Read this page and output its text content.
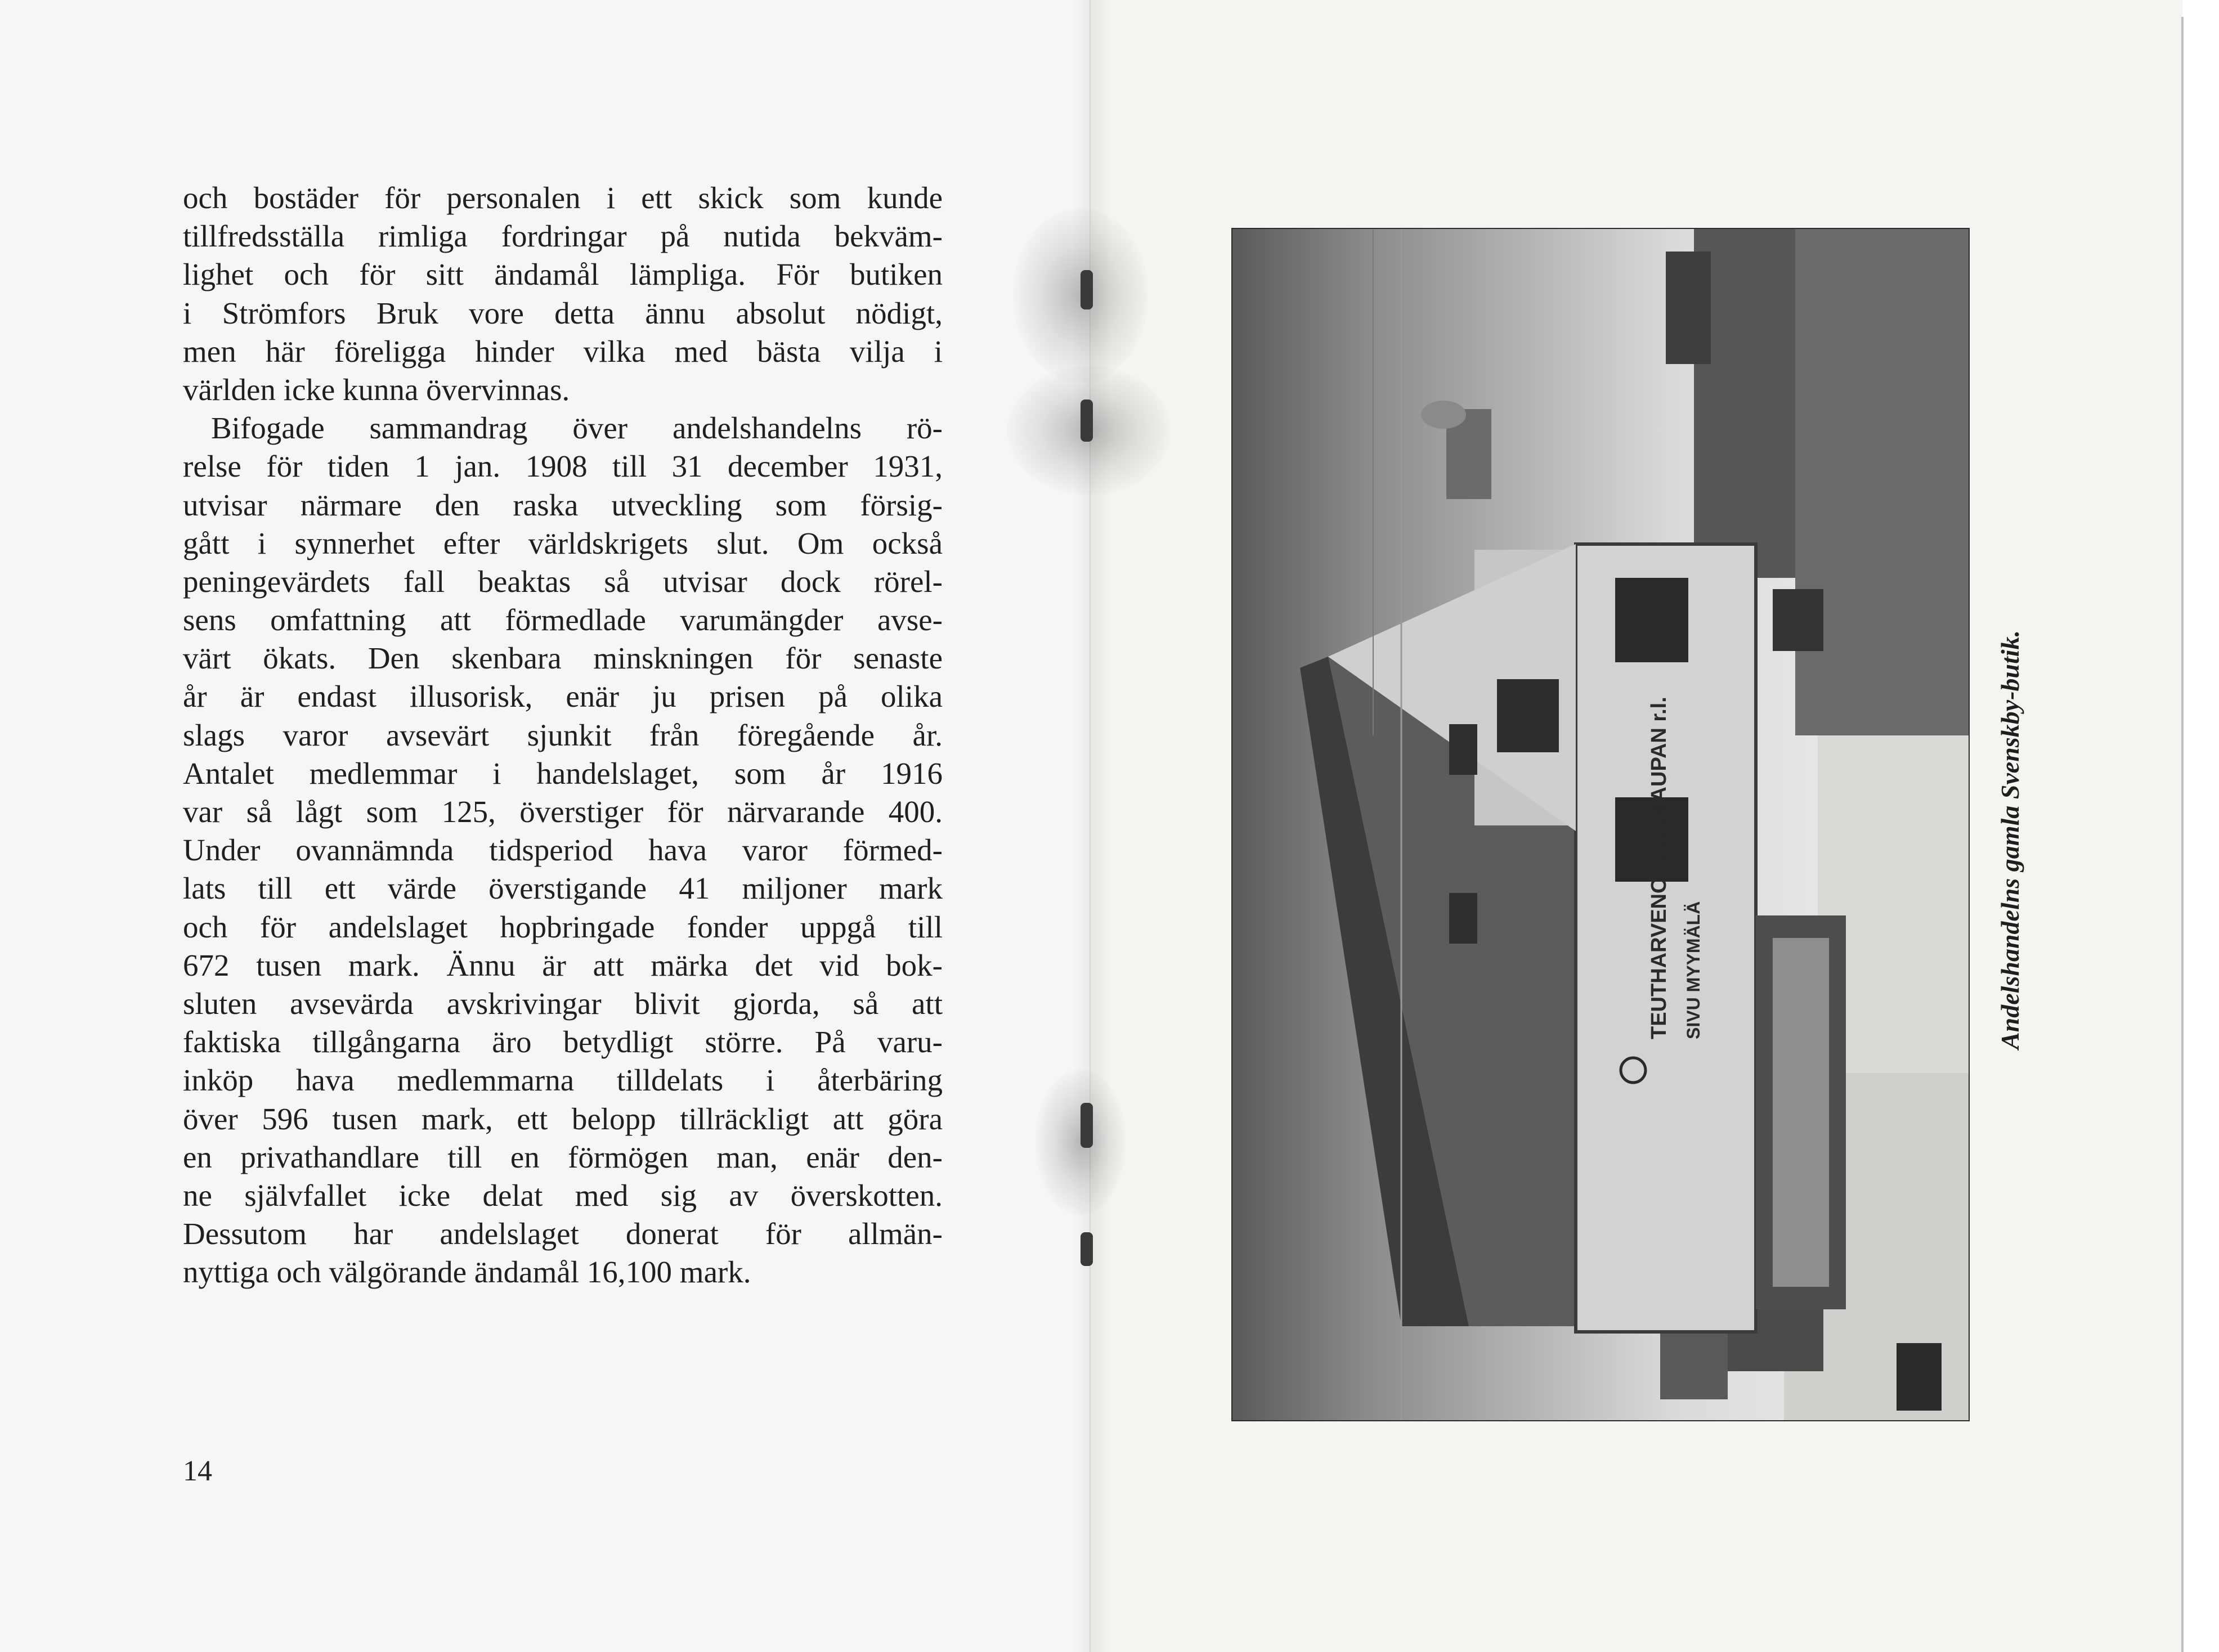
och bostäder för personalen i ett skick som kunde
tillfredsställa rimliga fordringar på nutida bekväm-
lighet och för sitt ändamål lämpliga. För butiken
i Strömfors Bruk vore detta ännu absolut nödigt,
men här föreligga hinder vilka med bästa vilja i
världen icke kunna övervinnas.
Bifogade sammandrag över andelshandelns rö-
relse för tiden 1 jan. 1908 till 31 december 1931,
utvisar närmare den raska utveckling som försig-
gått i synnerhet efter världskrigets slut. Om också
peningevärdets fall beaktas så utvisar dock rörel-
sens omfattning att förmedlade varumängder avse-
värt ökats. Den skenbara minskningen för senaste
år är endast illusorisk, enär ju prisen på olika
slags varor avsevärt sjunkit från föregående år.
Antalet medlemmar i handelslaget, som år 1916
var så lågt som 125, överstiger för närvarande 400.
Under ovannämnda tidsperiod hava varor förmed-
lats till ett värde överstigande 41 miljoner mark
och för andelslaget hopbringade fonder uppgå till
672 tusen mark. Ännu är att märka det vid bok-
sluten avsevärda avskrivingar blivit gjorda, så att
faktiska tillgångarna äro betydligt större. På varu-
inköp hava medlemmarna tilldelats i återbäring
över 596 tusen mark, ett belopp tillräckligt att göra
en privathandlare till en förmögen man, enär den-
ne självfallet icke delat med sig av överskotten.
Dessutom har andelslaget donerat för allmän-
nyttiga och välgörande ändamål 16,100 mark.
14
TEUTHARVENOSUUSKAUPAN r.l. SIVU MYYMÄLÄ	Andelshandelns gamla Svenskby-butik.
